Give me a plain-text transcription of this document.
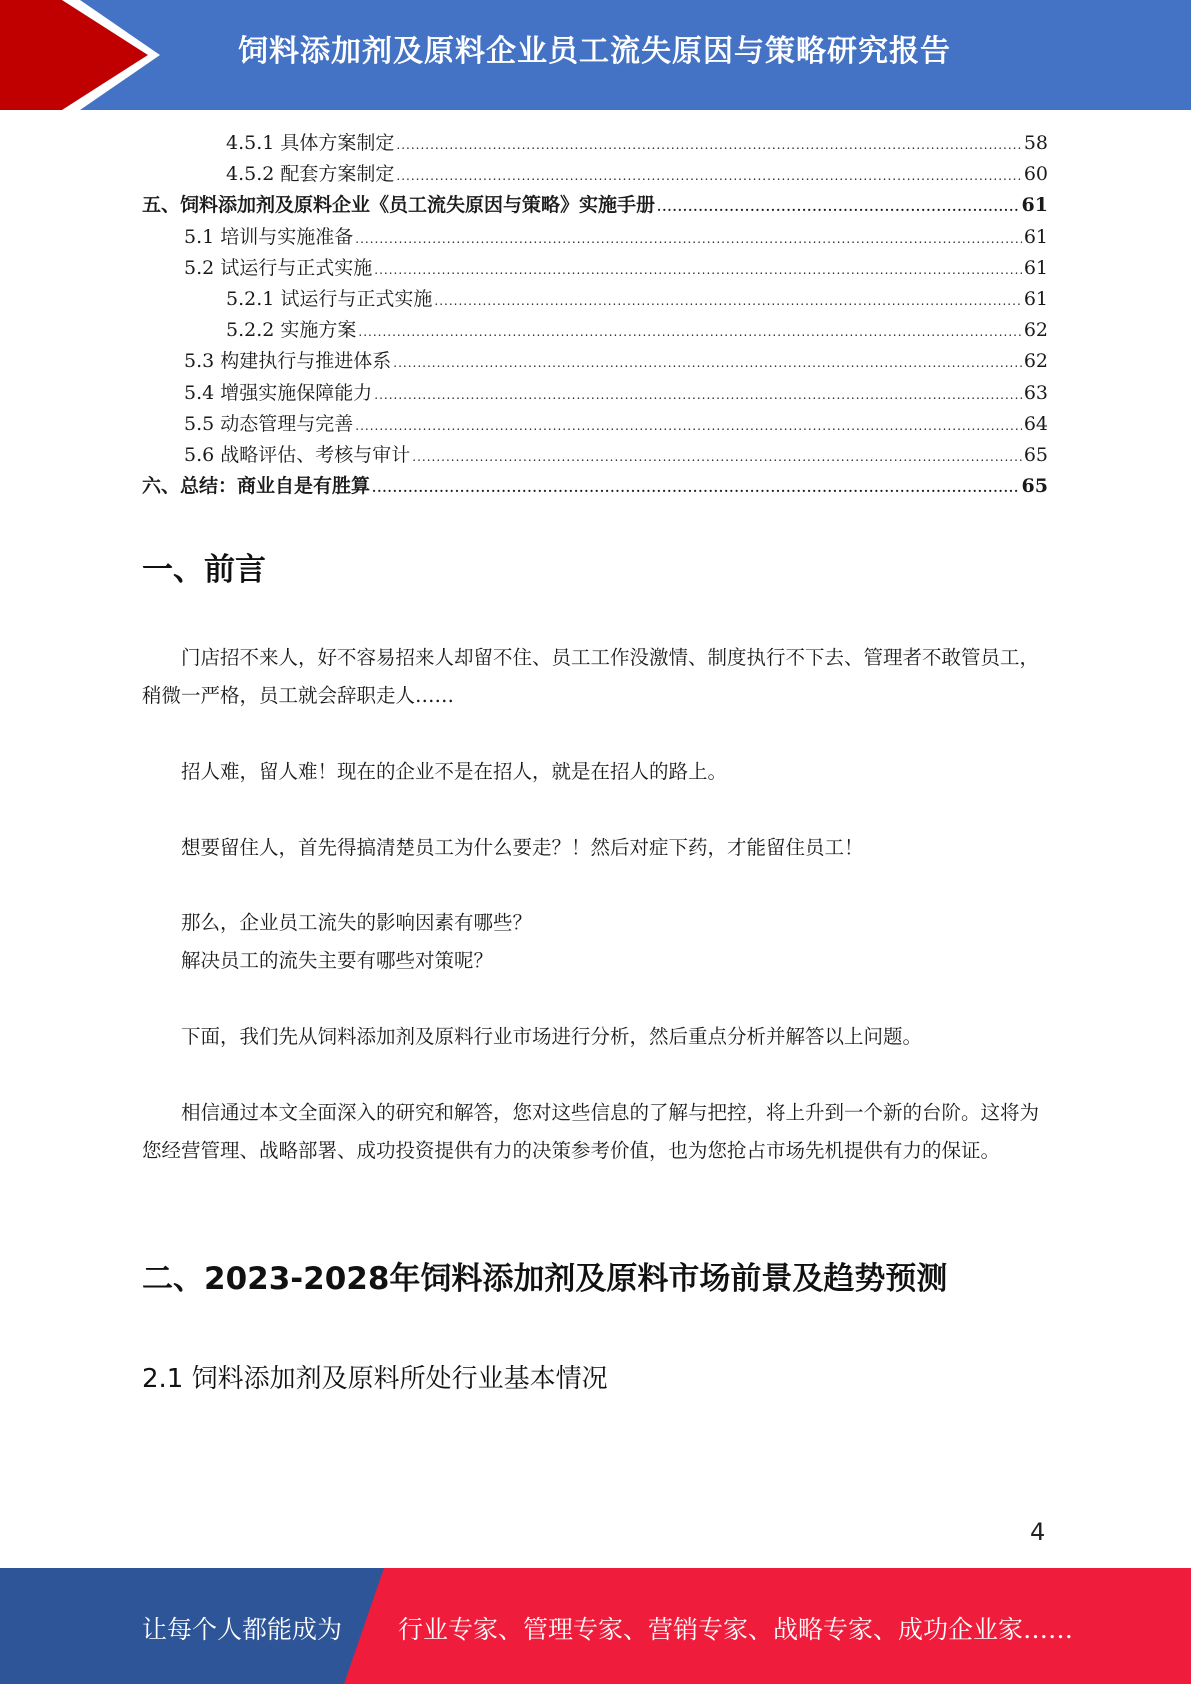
饲料添加剂及原料企业员工流失原因与策略研究报告
4.5.1 具体方案制定 .....	58
4.5.2 配套方案制定 .....	60
五、饲料添加剂及原料企业《员工流失原因与策略》实施手册 .....	61
5.1 培训与实施准备 .....	61
5.2 试运行与正式实施 .....	61
5.2.1 试运行与正式实施 .....	61
5.2.2 实施方案 .....	62
5.3 构建执行与推进体系 .....	62
5.4 增强实施保障能力 .....	63
5.5 动态管理与完善 .....	64
5.6 战略评估、考核与审计 .....	65
六、总结：商业自是有胜算 .....	65
一、前言

门店招不来人，好不容易招来人却留不住、员工工作没激情、制度执行不下去、管理者不敢管员工，稍微一严格，员工就会辞职走人……

招人难，留人难！现在的企业不是在招人，就是在招人的路上。

想要留住人，首先得搞清楚员工为什么要走？！然后对症下药，才能留住员工！

那么，企业员工流失的影响因素有哪些？

解决员工的流失主要有哪些对策呢？

下面，我们先从饲料添加剂及原料行业市场进行分析，然后重点分析并解答以上问题。

相信通过本文全面深入的研究和解答，您对这些信息的了解与把控，将上升到一个新的台阶。这将为您经营管理、战略部署、成功投资提供有力的决策参考价值，也为您抢占市场先机提供有力的保证。

二、2023-2028年饲料添加剂及原料市场前景及趋势预测
2.1 饲料添加剂及原料所处行业基本情况
4
让每个人都能成为 行业专家、管理专家、营销专家、战略专家、成功企业家……
